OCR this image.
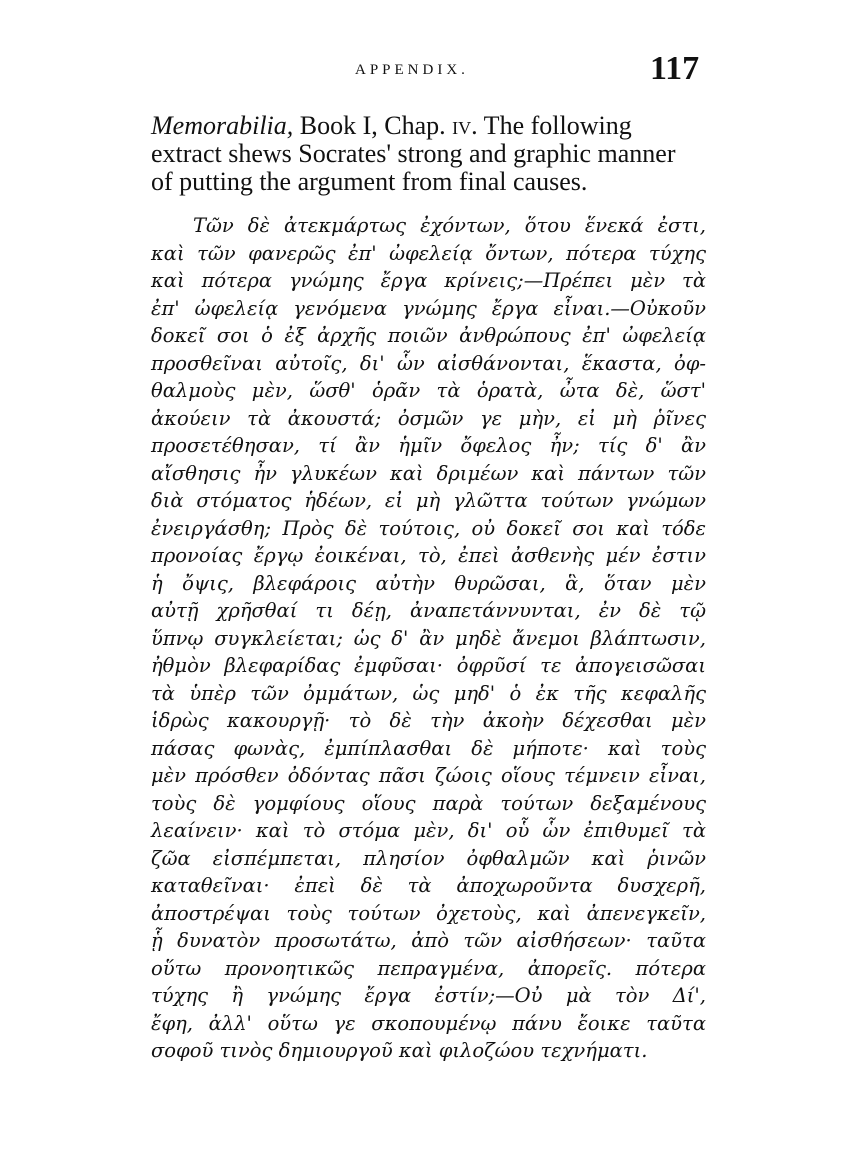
APPENDIX.	117
Memorabilia, Book I, Chap. iv. The following
extract shews Socrates' strong and graphic manner
of putting the argument from final causes.
Τῶν δὲ ἀτεκμάρτως ἐχόντων, ὅτου ἕνεκά ἐστι,
καὶ τῶν φανερῶς ἐπ' ὠφελείᾳ ὄντων, πότερα τύχης
καὶ πότερα γνώμης ἔργα κρίνεις;—Πρέπει μὲν τὰ
ἐπ' ὠφελείᾳ γενόμενα γνώμης ἔργα εἶναι.—Οὐκοῦν
δοκεῖ σοι ὁ ἐξ ἀρχῆς ποιῶν ἀνθρώπους ἐπ' ὠφελείᾳ
προσθεῖναι αὐτοῖς, δι' ὧν αἰσθάνονται, ἕκαστα, ὀφ-
θαλμοὺς μὲν, ὥσθ' ὁρᾶν τὰ ὁρατὰ, ὦτα δὲ, ὥστ'
ἀκούειν τὰ ἀκουστά; ὀσμῶν γε μὴν, εἰ μὴ ῥῖνες
προσετέθησαν, τί ἂν ἡμῖν ὄφελος ἦν; τίς δ' ἂν
αἴσθησις ἦν γλυκέων καὶ δριμέων καὶ πάντων τῶν
διὰ στόματος ἡδέων, εἰ μὴ γλῶττα τούτων γνώμων
ἐνειργάσθη; Πρὸς δὲ τούτοις, οὐ δοκεῖ σοι καὶ τόδε
προνοίας ἔργῳ ἐοικέναι, τὸ, ἐπεὶ ἀσθενὴς μέν ἐστιν
ἡ ὄψις, βλεφάροις αὐτὴν θυρῶσαι, ἃ, ὅταν μὲν
αὐτῇ χρῆσθαί τι δέῃ, ἀναπετάννυνται, ἐν δὲ τῷ
ὕπνῳ συγκλείεται; ὡς δ' ἂν μηδὲ ἄνεμοι βλάπτωσιν,
ἠθμὸν βλεφαρίδας ἐμφῦσαι· ὀφρῦσί τε ἀπογεισῶσαι
τὰ ὑπὲρ τῶν ὀμμάτων, ὡς μηδ' ὁ ἐκ τῆς κεφαλῆς
ἱδρὼς κακουργῇ· τὸ δὲ τὴν ἀκοὴν δέχεσθαι μὲν
πάσας φωνὰς, ἐμπίπλασθαι δὲ μήποτε· καὶ τοὺς
μὲν πρόσθεν ὀδόντας πᾶσι ζώοις οἵους τέμνειν εἶναι,
τοὺς δὲ γομφίους οἵους παρὰ τούτων δεξαμένους
λεαίνειν· καὶ τὸ στόμα μὲν, δι' οὗ ὧν ἐπιθυμεῖ τὰ
ζῶα εἰσπέμπεται, πλησίον ὀφθαλμῶν καὶ ῥινῶν
καταθεῖναι· ἐπεὶ δὲ τὰ ἀποχωροῦντα δυσχερῆ,
ἀποστρέψαι τοὺς τούτων ὀχετοὺς, καὶ ἀπενεγκεῖν,
ᾗ δυνατὸν προσωτάτω, ἀπὸ τῶν αἰσθήσεων· ταῦτα
οὕτω προνοητικῶς πεπραγμένα, ἀπορεῖς. πότερα
τύχης ἢ γνώμης ἔργα ἐστίν;—Οὐ μὰ τὸν Δί',
ἔφη, ἀλλ' οὕτω γε σκοπουμένῳ πάνυ ἔοικε ταῦτα
σοφοῦ τινὸς δημιουργοῦ καὶ φιλοζώου τεχνήματι.
